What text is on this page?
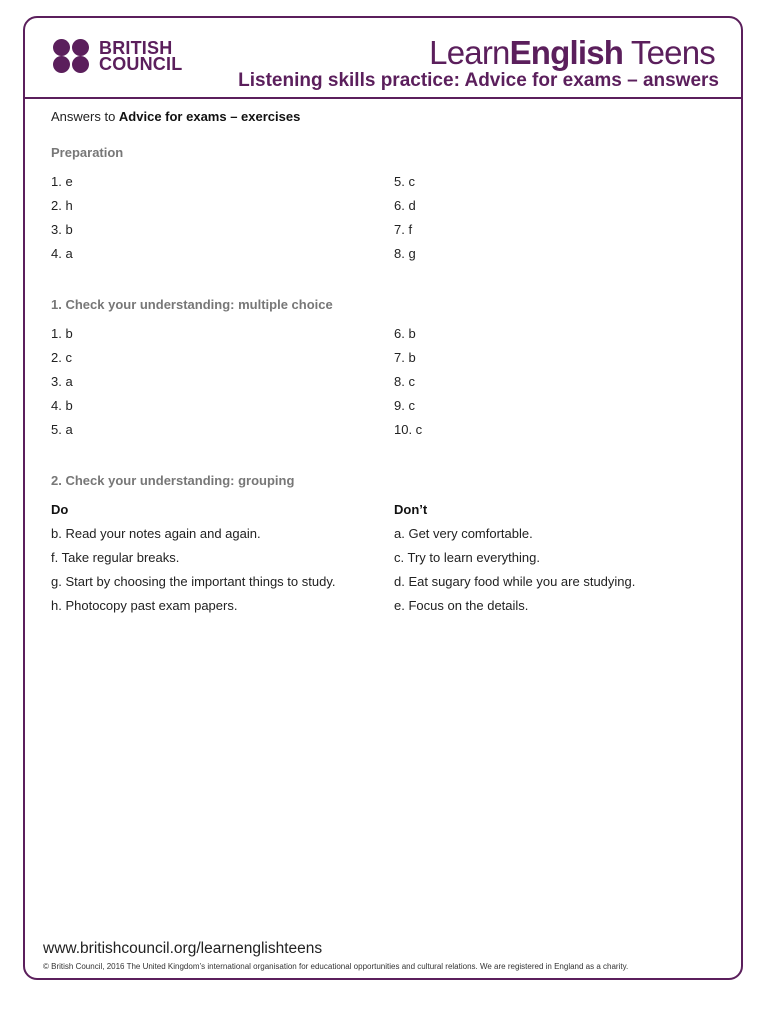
BRITISH
COUNCIL	LearnEnglish Teens
Listening skills practice: Advice for exams – answers
Answers to Advice for exams – exercises
Preparation
1. e
2. h
3. b
4. a
5. c
6. d
7. f
8. g
1. Check your understanding: multiple choice
1. b
2. c
3. a
4. b
5. a
6. b
7. b
8. c
9. c
10. c
2. Check your understanding: grouping
Do	Don’t
b. Read your notes again and again.
f. Take regular breaks.
g. Start by choosing the important things to study.
h. Photocopy past exam papers.
a. Get very comfortable.
c. Try to learn everything.
d. Eat sugary food while you are studying.
e. Focus on the details.
www.britishcouncil.org/learnenglishteens
© British Council, 2016 The United Kingdom’s international organisation for educational opportunities and cultural relations. We are registered in England as a charity.
